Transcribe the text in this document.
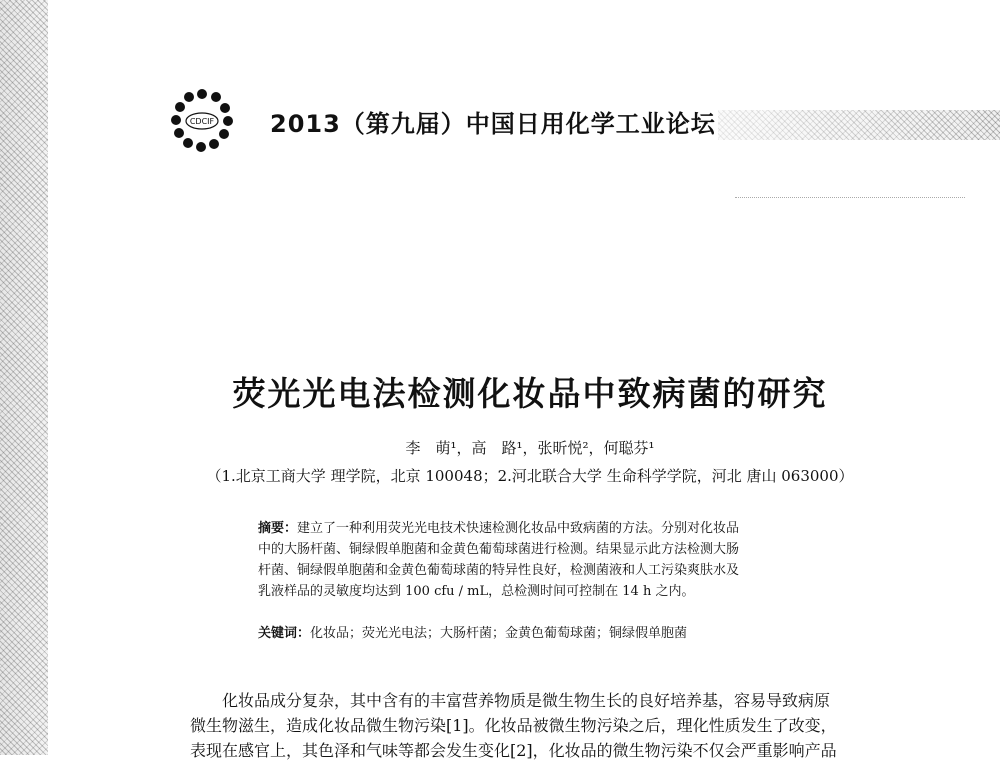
CDCIF 2013（第九届）中国日用化学工业论坛
荧光光电法检测化妆品中致病菌的研究
李　萌¹，高　路¹，张昕悦²，何聪芬¹
（1.北京工商大学 理学院，北京 100048；2.河北联合大学 生命科学学院，河北 唐山 063000）
摘要：建立了一种利用荧光光电技术快速检测化妆品中致病菌的方法。分别对化妆品
中的大肠杆菌、铜绿假单胞菌和金黄色葡萄球菌进行检测。结果显示此方法检测大肠
杆菌、铜绿假单胞菌和金黄色葡萄球菌的特异性良好，检测菌液和人工污染爽肤水及
乳液样品的灵敏度均达到 100 cfu / mL，总检测时间可控制在 14 h 之内。
关键词：化妆品；荧光光电法；大肠杆菌；金黄色葡萄球菌；铜绿假单胞菌

化妆品成分复杂，其中含有的丰富营养物质是微生物生长的良好培养基，容易导致病原

微生物滋生，造成化妆品微生物污染[1]。化妆品被微生物污染之后，理化性质发生了改变，

表现在感官上，其色泽和气味等都会发生变化[2]，化妆品的微生物污染不仅会严重影响产品
